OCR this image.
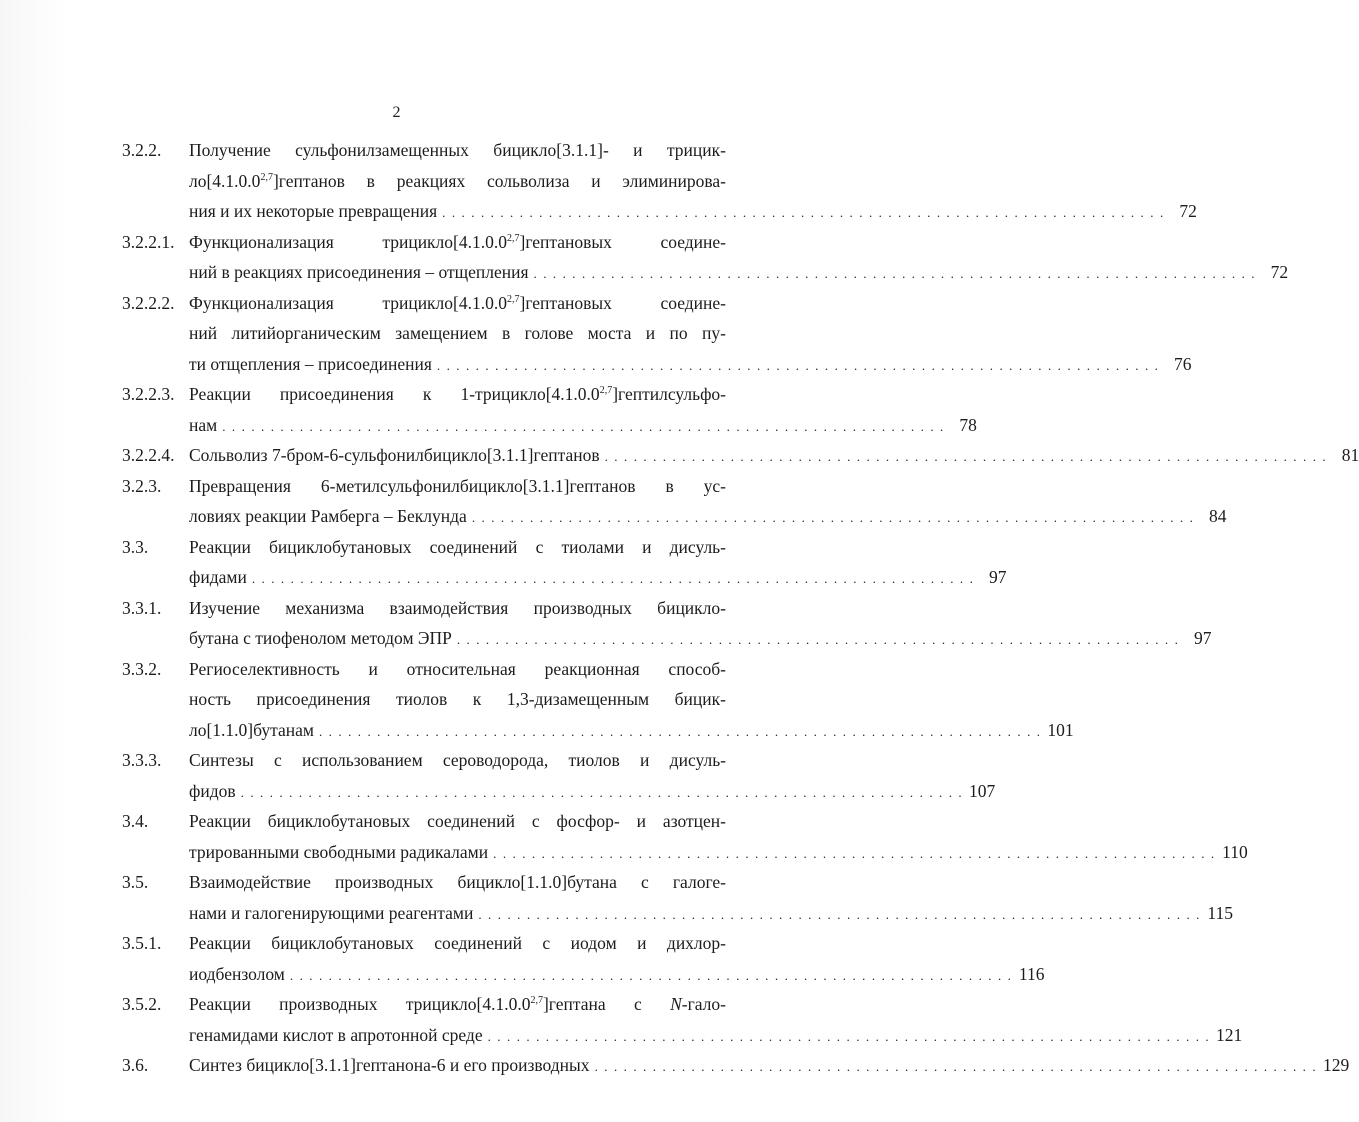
2
3.2.2. Получение сульфонилзамещенных бицикло[3.1.1]- и трицик-
ло[4.1.0.0$^{2,7}$]гептанов в реакциях сольволиза и элиминирова-
ния и их некоторые превращения . . . . . . . . . . . . . . . . . . . . . . . . . . . . . . . . . . . . . . . . . . . . . . . . . . . . . . . . . . . . . . . . . . . . . . . . . . . 72
3.2.2.1. Функционализация трицикло[4.1.0.0$^{2,7}$]гептановых соедине-
ний в реакциях присоединения – отщепления . . . . . . . . . . . . . . . . . . . . . . . . . . . . . . . . . . . . . . . . . . . . . . . . . . . . . . . . . . . . . . . . . . . . . . . . . . . 72
3.2.2.2. Функционализация трицикло[4.1.0.0$^{2,7}$]гептановых соедине-
ний литийорганическим замещением в голове моста и по пу-
ти отщепления – присоединения . . . . . . . . . . . . . . . . . . . . . . . . . . . . . . . . . . . . . . . . . . . . . . . . . . . . . . . . . . . . . . . . . . . . . . . . . . . 76
3.2.2.3. Реакции присоединения к 1-трицикло[4.1.0.0$^{2,7}$]гептилсульфо-
нам . . . . . . . . . . . . . . . . . . . . . . . . . . . . . . . . . . . . . . . . . . . . . . . . . . . . . . . . . . . . . . . . . . . . . . . . . . . 78
3.2.2.4. Сольволиз 7-бром-6-сульфонилбицикло[3.1.1]гептанов . . . . . . . . . . . . . . . . . . . . . . . . . . . . . . . . . . . . . . . . . . . . . . . . . . . . . . . . . . . . . . . . . . . . . . . . . . . 81
3.2.3. Превращения 6-метилсульфонилбицикло[3.1.1]гептанов в ус-
ловиях реакции Рамберга – Беклунда . . . . . . . . . . . . . . . . . . . . . . . . . . . . . . . . . . . . . . . . . . . . . . . . . . . . . . . . . . . . . . . . . . . . . . . . . . . 84
3.3. Реакции бициклобутановых соединений с тиолами и дисуль-
фидами . . . . . . . . . . . . . . . . . . . . . . . . . . . . . . . . . . . . . . . . . . . . . . . . . . . . . . . . . . . . . . . . . . . . . . . . . . . 97
3.3.1. Изучение механизма взаимодействия производных бицикло-
бутана с тиофенолом методом ЭПР . . . . . . . . . . . . . . . . . . . . . . . . . . . . . . . . . . . . . . . . . . . . . . . . . . . . . . . . . . . . . . . . . . . . . . . . . . . 97
3.3.2. Региоселективность и относительная реакционная способ-
ность присоединения тиолов к 1,3-дизамещенным бицик-
ло[1.1.0]бутанам . . . . . . . . . . . . . . . . . . . . . . . . . . . . . . . . . . . . . . . . . . . . . . . . . . . . . . . . . . . . . . . . . . . . . . . . . . . 101
3.3.3. Синтезы с использованием сероводорода, тиолов и дисуль-
фидов . . . . . . . . . . . . . . . . . . . . . . . . . . . . . . . . . . . . . . . . . . . . . . . . . . . . . . . . . . . . . . . . . . . . . . . . . . . 107
3.4. Реакции бициклобутановых соединений с фосфор- и азотцен-
трированными свободными радикалами . . . . . . . . . . . . . . . . . . . . . . . . . . . . . . . . . . . . . . . . . . . . . . . . . . . . . . . . . . . . . . . . . . . . . . . . . . . 110
3.5. Взаимодействие производных бицикло[1.1.0]бутана с галоге-
нами и галогенирующими реагентами . . . . . . . . . . . . . . . . . . . . . . . . . . . . . . . . . . . . . . . . . . . . . . . . . . . . . . . . . . . . . . . . . . . . . . . . . . . 115
3.5.1. Реакции бициклобутановых соединений с иодом и дихлор-
иодбензолом . . . . . . . . . . . . . . . . . . . . . . . . . . . . . . . . . . . . . . . . . . . . . . . . . . . . . . . . . . . . . . . . . . . . . . . . . . . 116
3.5.2. Реакции производных трицикло[4.1.0.0$^{2,7}$]гептана с N-гало-
генамидами кислот в апротонной среде . . . . . . . . . . . . . . . . . . . . . . . . . . . . . . . . . . . . . . . . . . . . . . . . . . . . . . . . . . . . . . . . . . . . . . . . . . . 121
3.6. Синтез бицикло[3.1.1]гептанона-6 и его производных . . . . . . . . . . . . . . . . . . . . . . . . . . . . . . . . . . . . . . . . . . . . . . . . . . . . . . . . . . . . . . . . . . . . . . . . . . . 129
